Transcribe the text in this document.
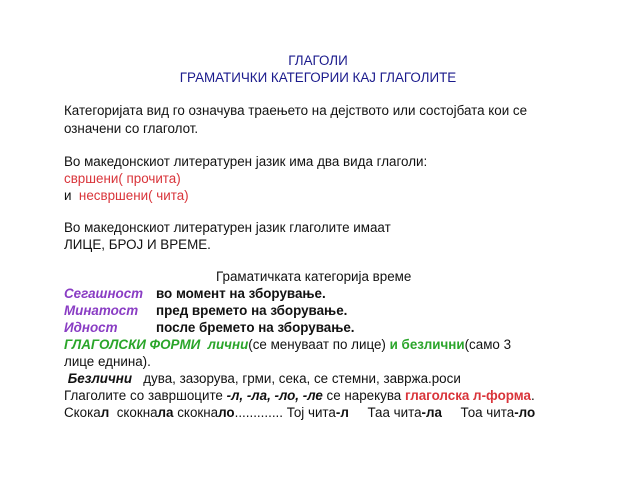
ГЛАГОЛИ
ГРАМАТИЧКИ КАТЕГОРИИ КАЈ ГЛАГОЛИТЕ
Категоријата вид го означува траењето на дејството или состојбата кои се
означени со глаголот.
Во македонскиот литературен јазик има два вида глаголи:
свршени( прочита)
и  несвршени( чита)
Во македонскиот литературен јазик глаголите имаат
ЛИЦЕ, БРОЈ И ВРЕМЕ.
Граматичката категорија време
Сегашност во момент на зборување.
Минатост пред времето на зборување.
Идност	после бремето на зборување.
ГЛАГОЛСКИ ФОРМИ  лични(се менуваат по лице) и безлични(само 3
лице еднина).
Безлични   дува, зазорува, грми, сека, се стемни, завржа.роси
Глаголите со завршоците -л, -ла, -ло, -ле се нарекува глаголска л-форма.
Скокал  скокнала скокнало............. Тој чита-л     Таа чита-ла     Тоа чита-ло
